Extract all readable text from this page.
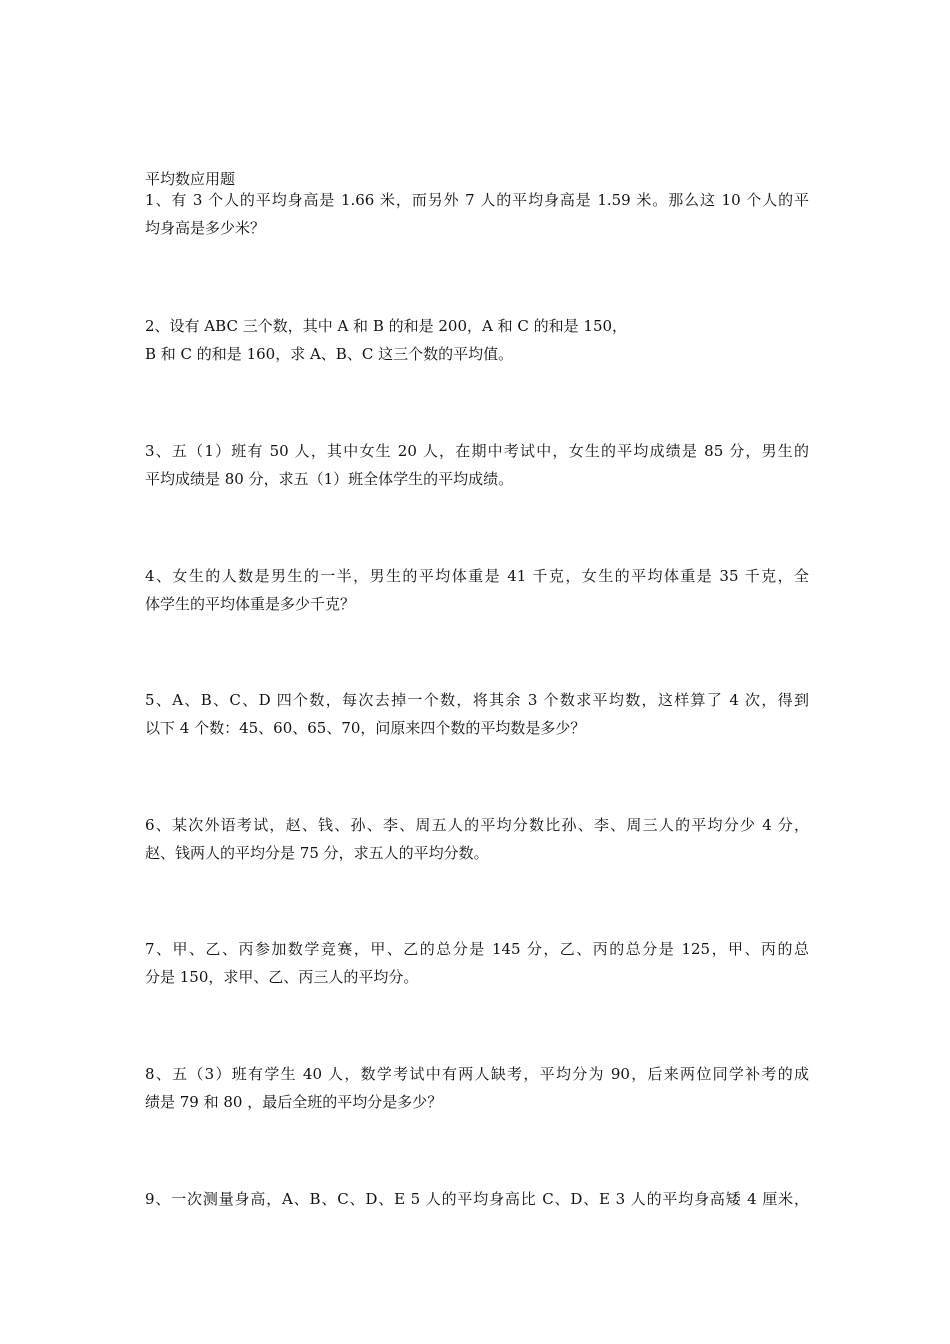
平均数应用题
1、有 3 个人的平均身高是 1.66 米，而另外 7 人的平均身高是 1.59 米。那么这 10 个人的平
均身高是多少米？
2、设有 ABC 三个数，其中 A 和 B 的和是 200，A 和 C 的和是 150，
B 和 C 的和是 160，求 A、B、C 这三个数的平均值。
3、五（1）班有 50 人，其中女生 20 人，在期中考试中，女生的平均成绩是 85 分，男生的
平均成绩是 80 分，求五（1）班全体学生的平均成绩。
4、女生的人数是男生的一半，男生的平均体重是 41 千克，女生的平均体重是 35 千克，全
体学生的平均体重是多少千克？
5、A、B、C、D 四个数，每次去掉一个数，将其余 3 个数求平均数，这样算了 4 次，得到
以下 4 个数：45、60、65、70，问原来四个数的平均数是多少？
6、某次外语考试，赵、钱、孙、李、周五人的平均分数比孙、李、周三人的平均分少 4 分，
赵、钱两人的平均分是 75 分，求五人的平均分数。
7、甲、乙、丙参加数学竞赛，甲、乙的总分是 145 分，乙、丙的总分是 125，甲、丙的总
分是 150，求甲、乙、丙三人的平均分。
8、五（3）班有学生 40 人，数学考试中有两人缺考，平均分为 90，后来两位同学补考的成
绩是 79 和 80 ，最后全班的平均分是多少？
9、一次测量身高，A、B、C、D、E 5 人的平均身高比 C、D、E 3 人的平均身高矮 4 厘米，
